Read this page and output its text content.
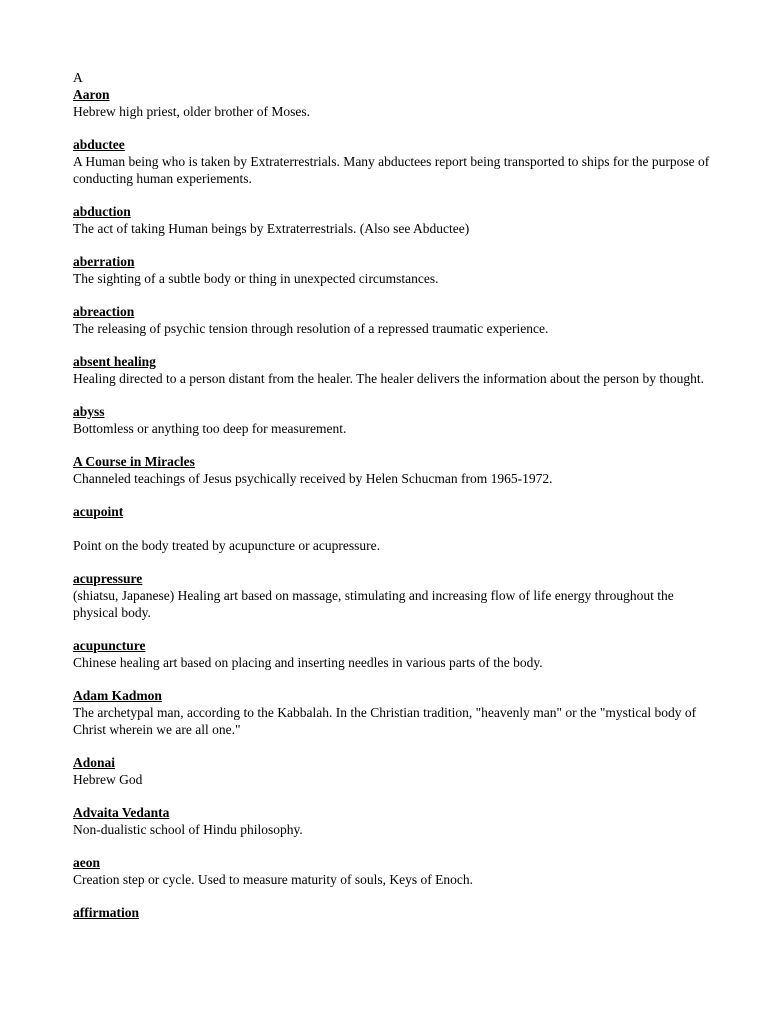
A
Aaron
Hebrew high priest, older brother of Moses.
abductee
A Human being who is taken by Extraterrestrials. Many abductees report being transported to ships for the purpose of conducting human experiements.
abduction
The act of taking Human beings by Extraterrestrials. (Also see Abductee)
aberration
The sighting of a subtle body or thing in unexpected circumstances.
abreaction
The releasing of psychic tension through resolution of a repressed traumatic experience.
absent healing
Healing directed to a person distant from the healer. The healer delivers the information about the person by thought.
abyss
Bottomless or anything too deep for measurement.
A Course in Miracles
Channeled teachings of Jesus psychically received by Helen Schucman from 1965-1972.
acupoint
Point on the body treated by acupuncture or acupressure.
acupressure
(shiatsu, Japanese) Healing art based on massage, stimulating and increasing flow of life energy throughout the physical body.
acupuncture
Chinese healing art based on placing and inserting needles in various parts of the body.
Adam Kadmon
The archetypal man, according to the Kabbalah. In the Christian tradition, "heavenly man" or the "mystical body of Christ wherein we are all one."
Adonai
Hebrew God
Advaita Vedanta
Non-dualistic school of Hindu philosophy.
aeon
Creation step or cycle. Used to measure maturity of souls, Keys of Enoch.
affirmation
